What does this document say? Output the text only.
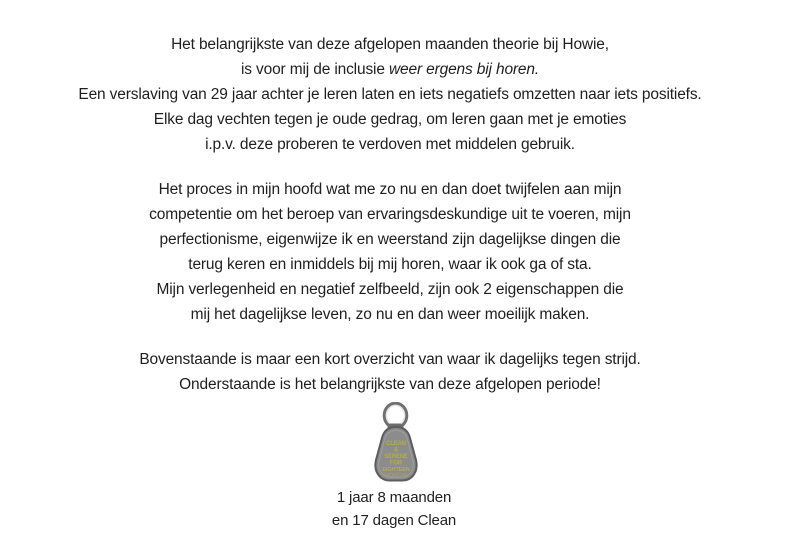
Het belangrijkste van deze afgelopen maanden theorie bij Howie,
is voor mij de inclusie weer ergens bij horen.
Een verslaving van 29 jaar achter je leren laten en iets negatiefs omzetten naar iets positiefs.
Elke dag vechten tegen je oude gedrag, om leren gaan met je emoties
i.p.v. deze proberen te verdoven met middelen gebruik.
Het proces in mijn hoofd wat me zo nu en dan doet twijfelen aan mijn
competentie om het beroep van ervaringsdeskundige uit te voeren, mijn
perfectionisme, eigenwijze ik en weerstand zijn dagelijkse dingen die
terug keren en inmiddels bij mij horen, waar ik ook ga of sta.
Mijn verlegenheid en negatief zelfbeeld, zijn ook 2 eigenschappen die
mij het dagelijkse leven, zo nu en dan weer moeilijk maken.
Bovenstaande is maar een kort overzicht van waar ik dagelijks tegen strijd.
Onderstaande is het belangrijkste van deze afgelopen periode!
CLEAN
&
SERENE
FOR
EIGHTEEN
MONTHS
1 jaar 8 maanden
en 17 dagen Clean
